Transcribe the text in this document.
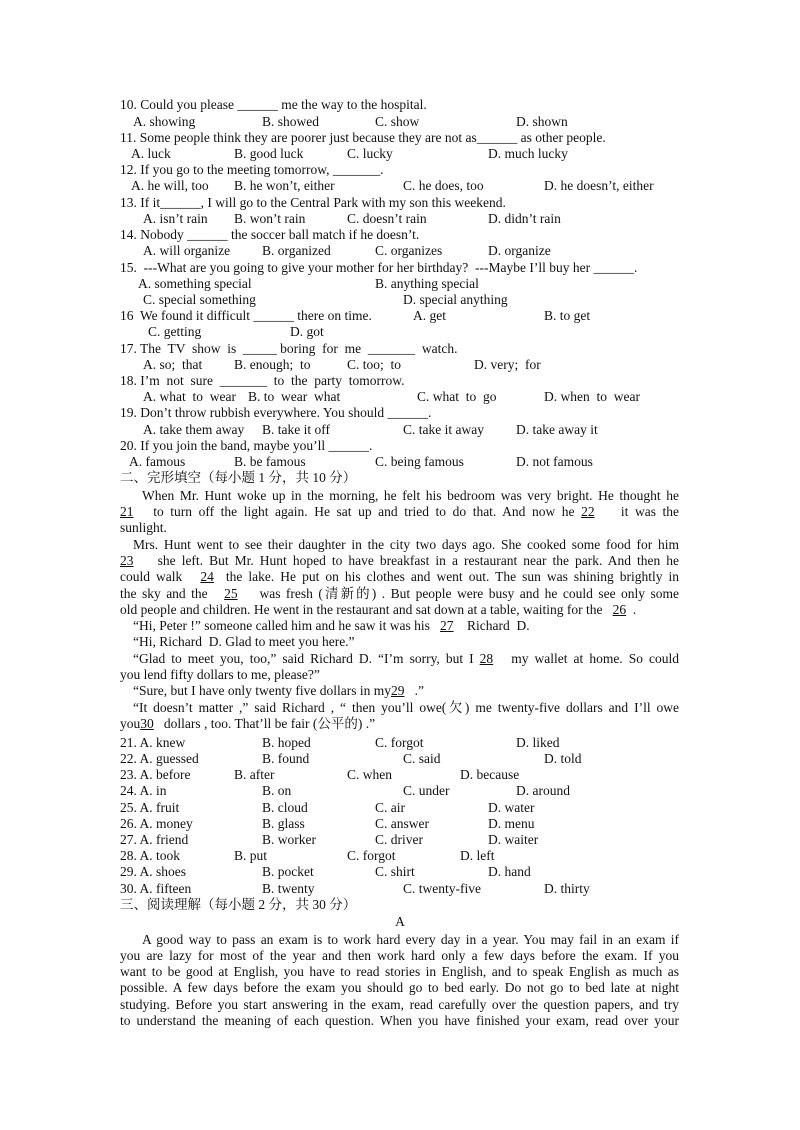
10. Could you please ______ me the way to the hospital.

A. showing

	B. showed

	C. show

	D. shown

11. Some people think they are poorer just because they are not as______ as other people.

A. luck

	B. good luck

	C. lucky

	D. much lucky

12. If you go to the meeting tomorrow, _______.

A. he will, too

B. he won’t, either

	C. he does, too

	D. he doesn’t, either

13. If it______, I will go to the Central Park with my son this weekend.

A. isn’t rain

B. won’t rain

	C. doesn’t rain

	D. didn’t rain

14. Nobody ______ the soccer ball match if he doesn’t.

A. will organize

B. organized

	C. organizes

	D. organize

15.  ---What are you going to give your mother for her birthday?  ---Maybe I’ll buy her ______.

A. something special

	B. anything special

C. special something

	D. special anything

16  We found it difficult ______ there on time.

	A. get

	B. to get

C. getting

	D. got

17. The  TV  show  is  _____ boring  for  me  _______  watch.

A. so;  that

B. enough;  to

	C. too;  to

	D. very;  for

18. I’m  not  sure  _______  to  the  party  tomorrow.

A. what  to  wear

B. to  wear  what

	C. what  to  go

	D. when  to  wear

19. Don’t throw rubbish everywhere. You should ______.

A. take them away

B. take it off

	C. take it away

D. take away it

20. If you join the band, maybe you’ll ______.

A. famous

	B. be famous

	C. being famous

	D. not famous

二、完形填空（每小题 1 分，共 10 分）
When Mr. Hunt woke up in the morning, he felt his bedroom was very bright. He thought he
21 to turn off the light again. He sat up and tried to do that. And now he 22 it was the
sunlight.
Mrs. Hunt went to see their daughter in the city two days ago. She cooked some food for him
23 she left. But Mr. Hunt hoped to have breakfast in a restaurant near the park. And then he
could walk 24 the lake. He put on his clothes and went out. The sun was shining brightly in
the sky and the 25 was fresh (清新的) . But people were busy and he could see only some
old people and children. He went in the restaurant and sat down at a table, waiting for the 26  .
“Hi, Peter !” someone called him and he saw it was his 27 Richard  D.
“Hi, Richard  D. Glad to meet you here.”
“Glad to meet you, too,” said Richard D. “I’m sorry, but I 28 my wallet at home. So could
you lend fifty dollars to me, please?”
“Sure, but I have only twenty five dollars in my29 .”
“It doesn’t matter ,” said Richard , “ then you’ll owe(欠) me twenty-five dollars and I’ll owe
you30 dollars , too. That’ll be fair (公平的) .”
21. A. knew	B. hoped	C. forgot	D. liked
22. A. guessed	B. found	C. said	D. told
23. A. before	B. after	C. when	D. because
24. A. in	B. on	C. under	D. around
25. A. fruit	B. cloud	C. air	D. water
26. A. money	B. glass	C. answer	D. menu
27. A. friend	B. worker	C. driver	D. waiter
28. A. took	B. put	C. forgot	D. left
29. A. shoes	B. pocket	C. shirt	D. hand
30. A. fifteen	B. twenty	C. twenty-five	D. thirty
三、阅读理解（每小题 2 分，共 30 分）
A
A good way to pass an exam is to work hard every day in a year. You may fail in an exam if
you are lazy for most of the year and then work hard only a few days before the exam. If you
want to be good at English, you have to read stories in English, and to speak English as much as
possible. A few days before the exam you should go to bed early. Do not go to bed late at night
studying. Before you start answering in the exam, read carefully over the question papers, and try
to understand the meaning of each question. When you have finished your exam, read over your
